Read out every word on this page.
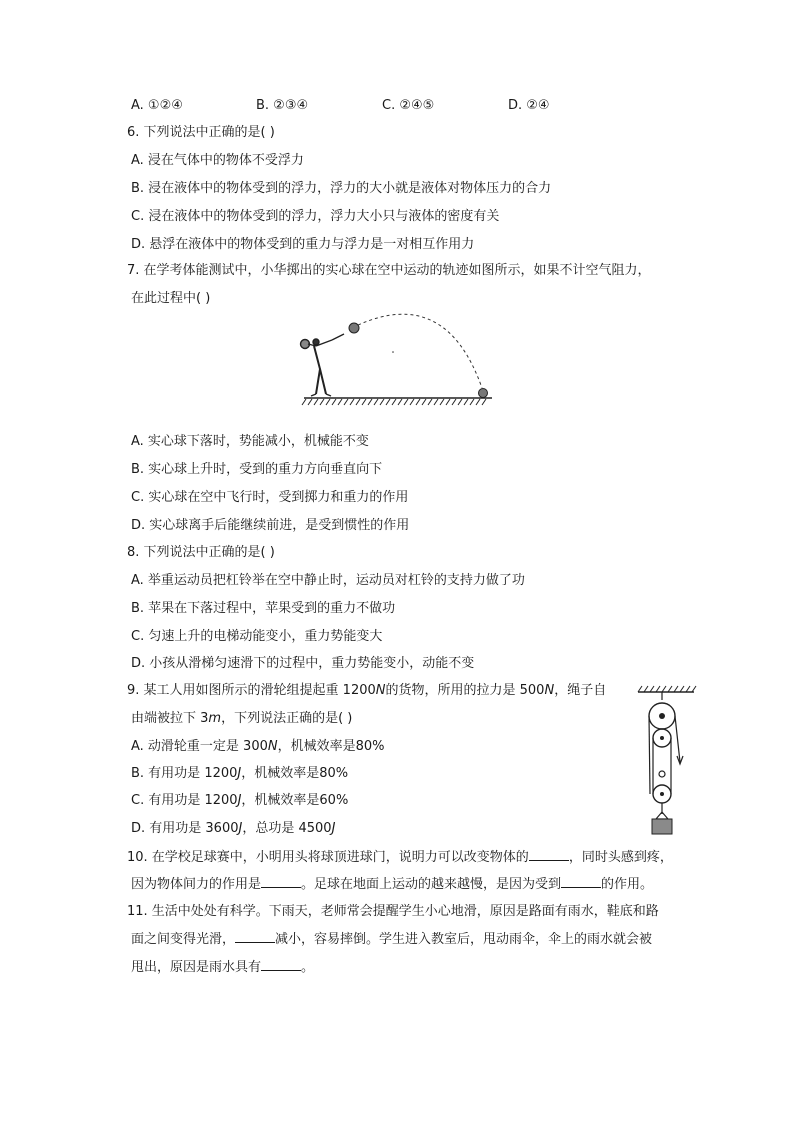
A. ①②④	B. ②③④	C. ②④⑤	D. ②④
6. 下列说法中正确的是( )
A. 浸在气体中的物体不受浮力
B. 浸在液体中的物体受到的浮力，浮力的大小就是液体对物体压力的合力
C. 浸在液体中的物体受到的浮力，浮力大小只与液体的密度有关
D. 悬浮在液体中的物体受到的重力与浮力是一对相互作用力
7. 在学考体能测试中，小华掷出的实心球在空中运动的轨迹如图所示，如果不计空气阻力，
在此过程中( )
A. 实心球下落时，势能减小，机械能不变
B. 实心球上升时，受到的重力方向垂直向下
C. 实心球在空中飞行时，受到掷力和重力的作用
D. 实心球离手后能继续前进，是受到惯性的作用
8. 下列说法中正确的是( )
A. 举重运动员把杠铃举在空中静止时，运动员对杠铃的支持力做了功
B. 苹果在下落过程中，苹果受到的重力不做功
C. 匀速上升的电梯动能变小，重力势能变大
D. 小孩从滑梯匀速滑下的过程中，重力势能变小，动能不变
9. 某工人用如图所示的滑轮组提起重 1200N的货物，所用的拉力是 500N，绳子自
由端被拉下 3m，下列说法正确的是( )
A. 动滑轮重一定是 300N，机械效率是80%
B. 有用功是 1200J，机械效率是80%
C. 有用功是 1200J，机械效率是60%
D. 有用功是 3600J，总功是 4500J
10. 在学校足球赛中，小明用头将球顶进球门，说明力可以改变物体的	，同时头感到疼，
因为物体间力的作用是	。足球在地面上运动的越来越慢，是因为受到	的作用。
11. 生活中处处有科学。下雨天，老师常会提醒学生小心地滑，原因是路面有雨水，鞋底和路
面之间变得光滑，	减小，容易摔倒。学生进入教室后，甩动雨伞，伞上的雨水就会被
甩出，原因是雨水具有	。
